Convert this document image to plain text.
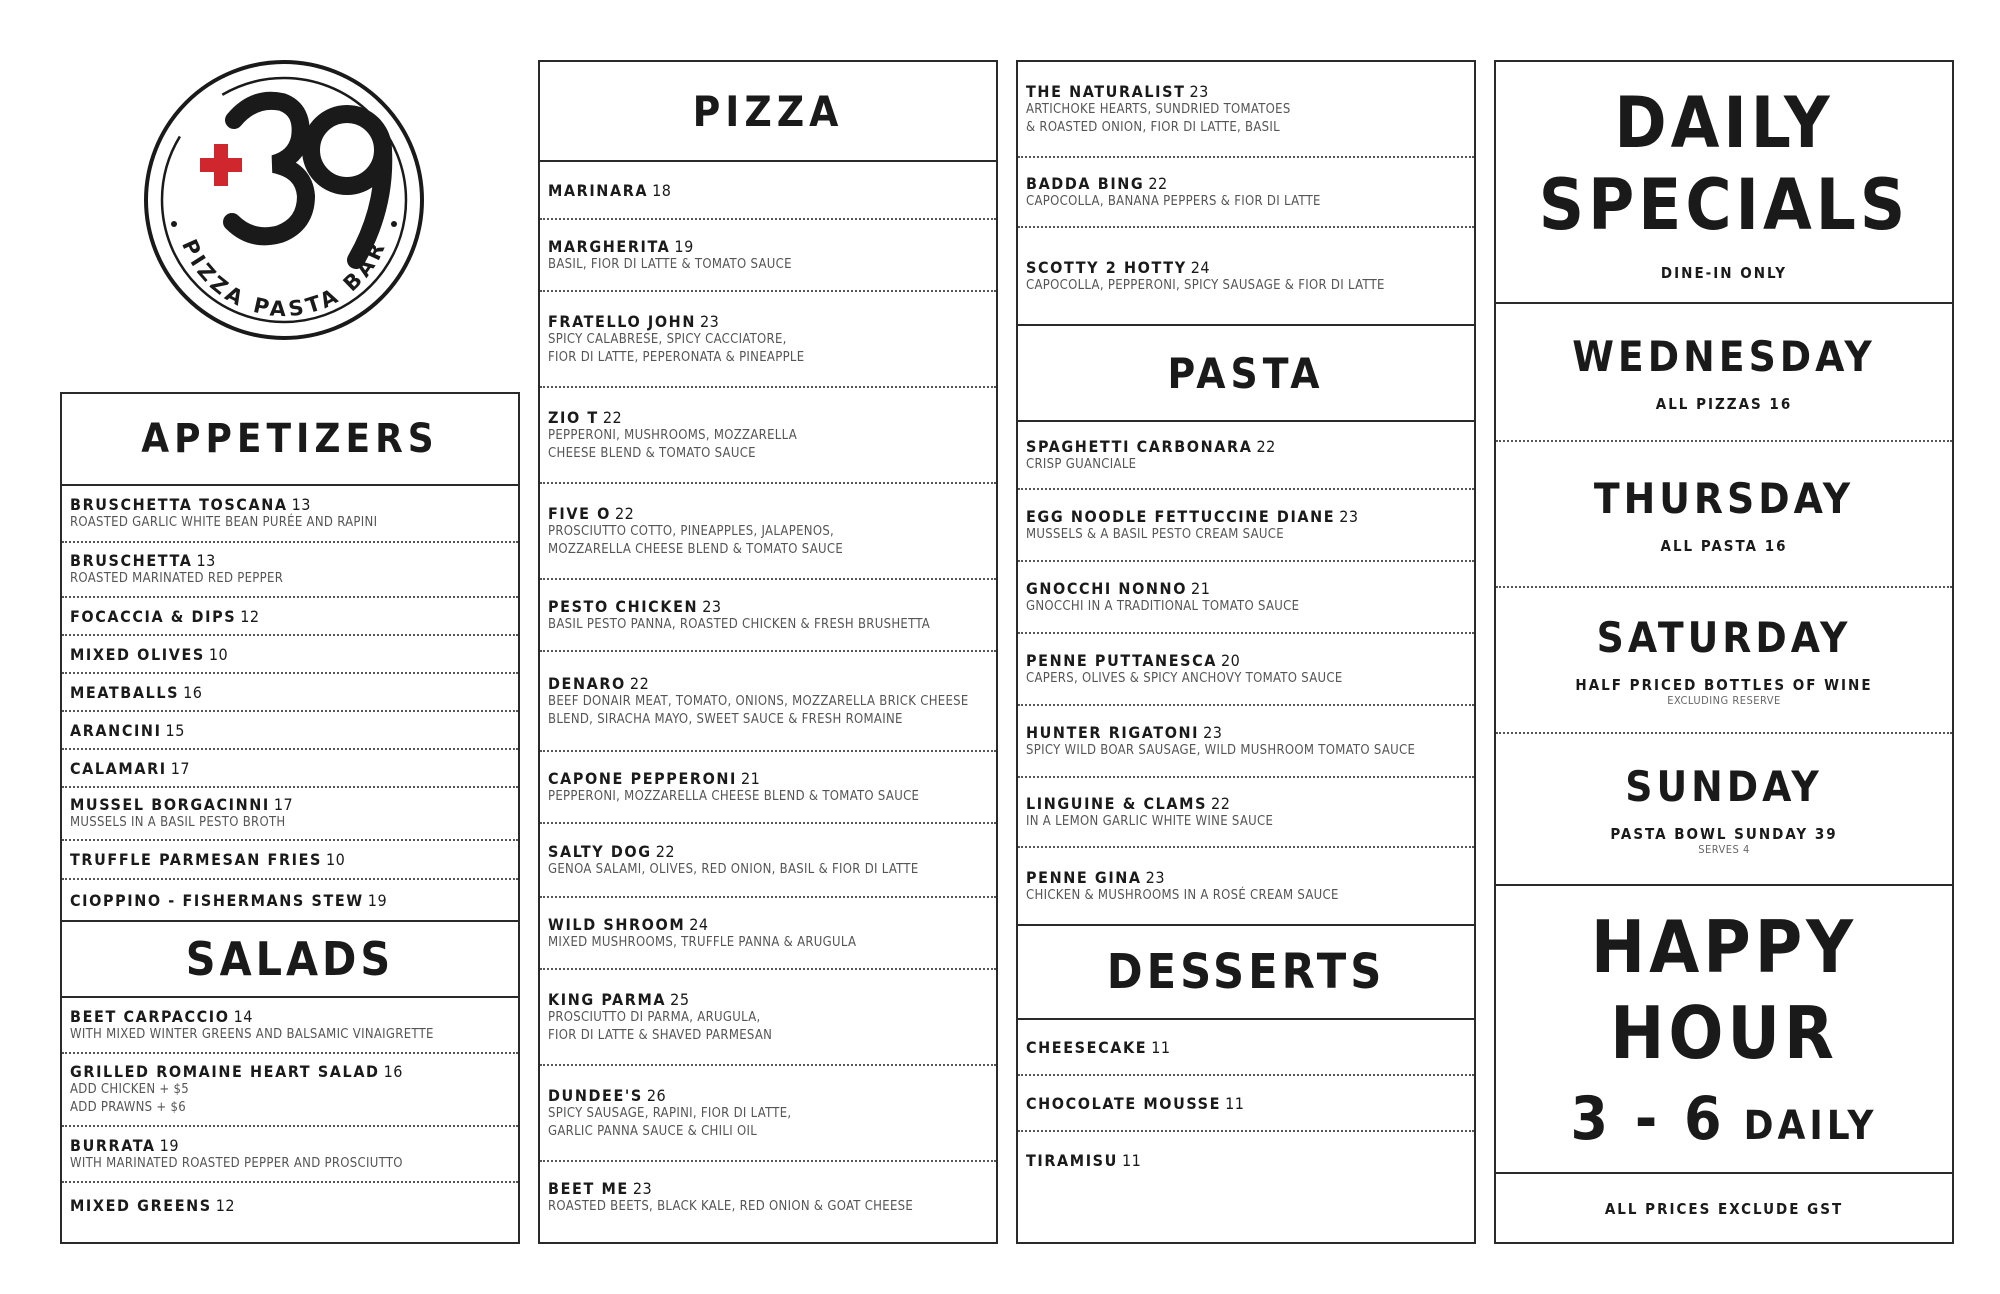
PIZZA PASTA BAR
APPETIZERS
BRUSCHETTA TOSCANA 13
ROASTED GARLIC WHITE BEAN PURÉE AND RAPINI
BRUSCHETTA 13
ROASTED MARINATED RED PEPPER
FOCACCIA & DIPS 12
MIXED OLIVES 10
MEATBALLS 16
ARANCINI 15
CALAMARI 17
MUSSEL BORGACINNI 17
MUSSELS IN A BASIL PESTO BROTH
TRUFFLE PARMESAN FRIES 10
CIOPPINO - FISHERMANS STEW 19
SALADS
BEET CARPACCIO 14
WITH MIXED WINTER GREENS AND BALSAMIC VINAIGRETTE
GRILLED ROMAINE HEART SALAD 16
ADD CHICKEN + $5
ADD PRAWNS + $6
BURRATA 19
WITH MARINATED ROASTED PEPPER AND PROSCIUTTO
MIXED GREENS 12
PIZZA
MARINARA 18
MARGHERITA 19
BASIL, FIOR DI LATTE & TOMATO SAUCE
FRATELLO JOHN 23
SPICY CALABRESE, SPICY CACCIATORE,
FIOR DI LATTE, PEPERONATA & PINEAPPLE
ZIO T 22
PEPPERONI, MUSHROOMS, MOZZARELLA
CHEESE BLEND & TOMATO SAUCE
FIVE O 22
PROSCIUTTO COTTO, PINEAPPLES, JALAPENOS,
MOZZARELLA CHEESE BLEND & TOMATO SAUCE
PESTO CHICKEN 23
BASIL PESTO PANNA, ROASTED CHICKEN & FRESH BRUSHETTA
DENARO 22
BEEF DONAIR MEAT, TOMATO, ONIONS, MOZZARELLA BRICK CHEESE
BLEND, SIRACHA MAYO, SWEET SAUCE & FRESH ROMAINE
CAPONE PEPPERONI 21
PEPPERONI, MOZZARELLA CHEESE BLEND & TOMATO SAUCE
SALTY DOG 22
GENOA SALAMI, OLIVES, RED ONION, BASIL & FIOR DI LATTE
WILD SHROOM 24
MIXED MUSHROOMS, TRUFFLE PANNA & ARUGULA
KING PARMA 25
PROSCIUTTO DI PARMA, ARUGULA,
FIOR DI LATTE & SHAVED PARMESAN
DUNDEE'S 26
SPICY SAUSAGE, RAPINI, FIOR DI LATTE,
GARLIC PANNA SAUCE & CHILI OIL
BEET ME 23
ROASTED BEETS, BLACK KALE, RED ONION & GOAT CHEESE
THE NATURALIST 23
ARTICHOKE HEARTS, SUNDRIED TOMATOES
& ROASTED ONION, FIOR DI LATTE, BASIL
BADDA BING 22
CAPOCOLLA, BANANA PEPPERS & FIOR DI LATTE
SCOTTY 2 HOTTY 24
CAPOCOLLA, PEPPERONI, SPICY SAUSAGE & FIOR DI LATTE
PASTA
SPAGHETTI CARBONARA 22
CRISP GUANCIALE
EGG NOODLE FETTUCCINE DIANE 23
MUSSELS & A BASIL PESTO CREAM SAUCE
GNOCCHI NONNO 21
GNOCCHI IN A TRADITIONAL TOMATO SAUCE
PENNE PUTTANESCA 20
CAPERS, OLIVES & SPICY ANCHOVY TOMATO SAUCE
HUNTER RIGATONI 23
SPICY WILD BOAR SAUSAGE, WILD MUSHROOM TOMATO SAUCE
LINGUINE & CLAMS 22
IN A LEMON GARLIC WHITE WINE SAUCE
PENNE GINA 23
CHICKEN & MUSHROOMS IN A ROSÉ CREAM SAUCE
DESSERTS
CHEESECAKE 11
CHOCOLATE MOUSSE 11
TIRAMISU 11
DAILY
SPECIALS
DINE-IN ONLY
WEDNESDAY
ALL PIZZAS 16
THURSDAY
ALL PASTA 16
SATURDAY
HALF PRICED BOTTLES OF WINE
EXCLUDING RESERVE
SUNDAY
PASTA BOWL SUNDAY 39
SERVES 4
HAPPY HOUR
3 - 6 DAILY
ALL PRICES EXCLUDE GST
